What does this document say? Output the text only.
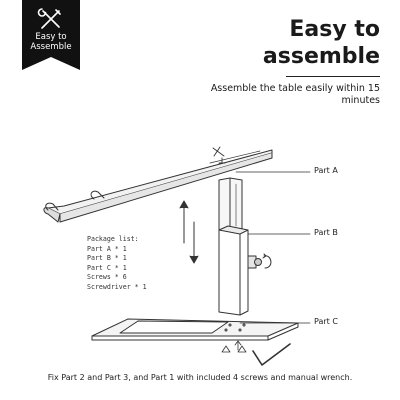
Easy to Assemble
Easy to assemble
Assemble the table easily within 15 minutes
Package list:
Part A * 1
Part B * 1
Part C * 1
Screws * 6
Screwdriver * 1
Part A
Part B
Part C
Fix Part 2 and Part 3, and Part 1 with included 4 screws and manual wrench.
